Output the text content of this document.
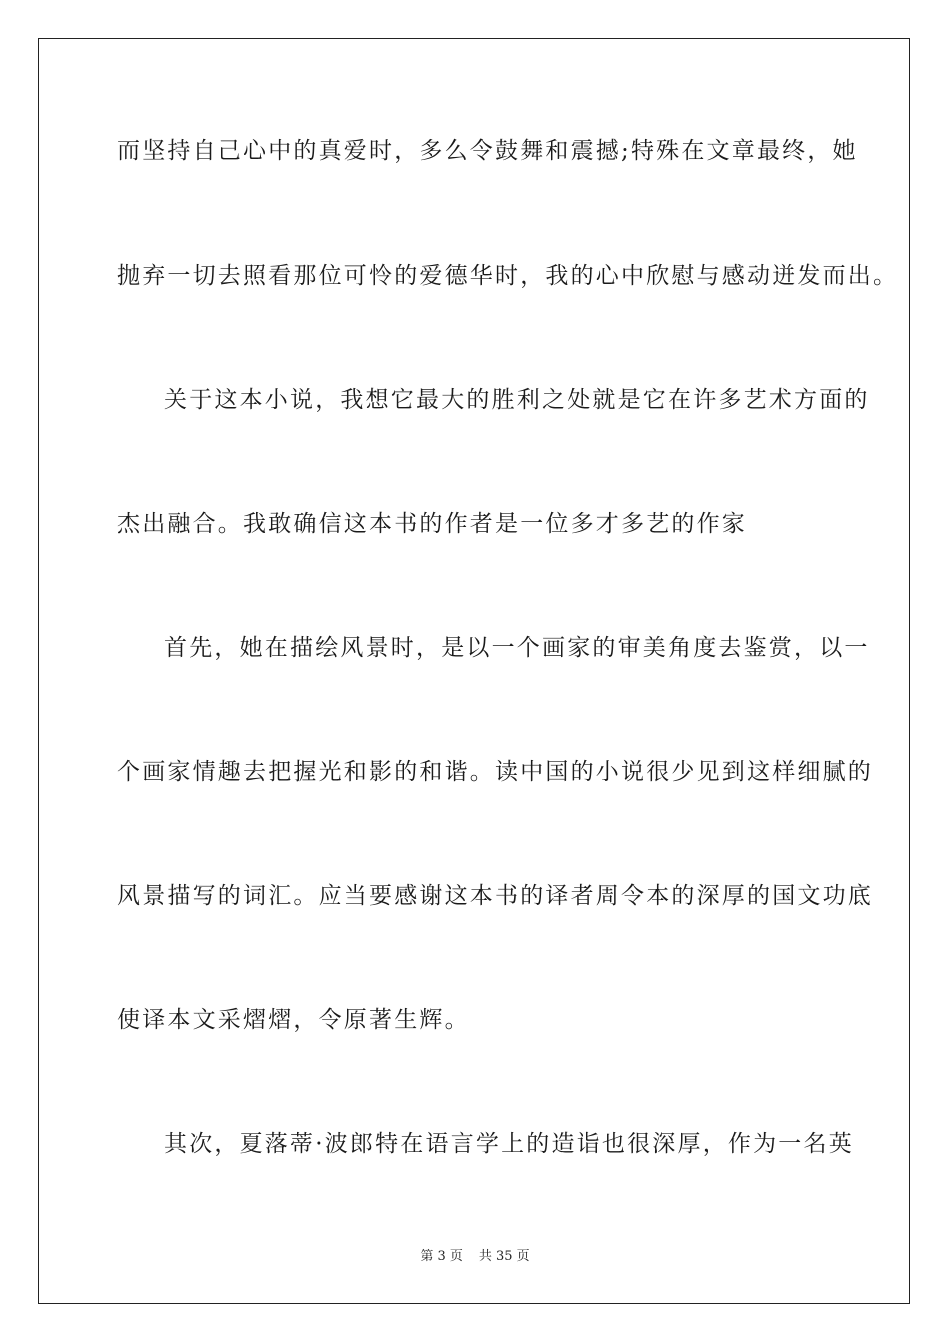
而坚持自己心中的真爱时，多么令鼓舞和震撼;特殊在文章最终，她
抛弃一切去照看那位可怜的爱德华时，我的心中欣慰与感动迸发而出。
关于这本小说，我想它最大的胜利之处就是它在许多艺术方面的
杰出融合。我敢确信这本书的作者是一位多才多艺的作家
首先，她在描绘风景时，是以一个画家的审美角度去鉴赏，以一
个画家情趣去把握光和影的和谐。读中国的小说很少见到这样细腻的
风景描写的词汇。应当要感谢这本书的译者周令本的深厚的国文功底
使译本文采熠熠，令原著生辉。
其次，夏落蒂·波郎特在语言学上的造诣也很深厚，作为一名英
第 3 页 共 35 页
